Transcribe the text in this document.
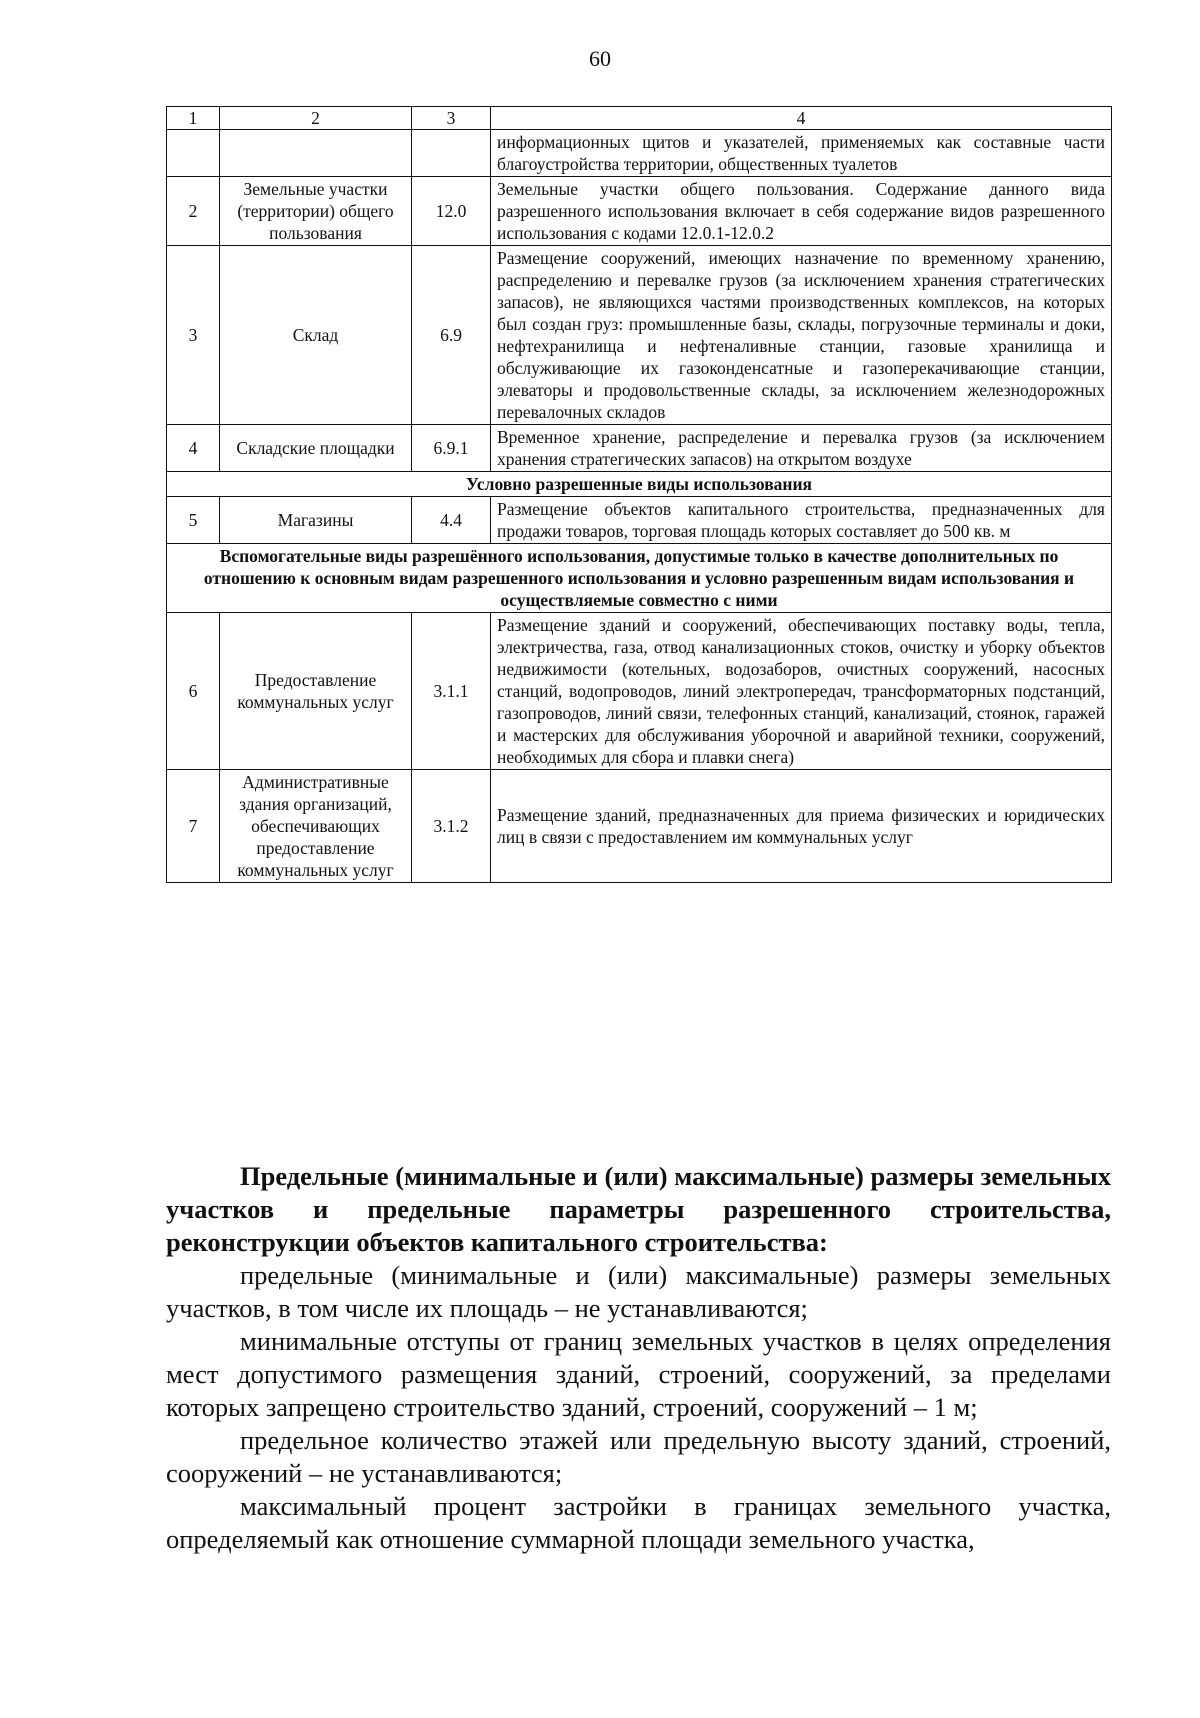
60
1	2	3	4
			информационных щитов и указателей, применяемых как составные части благоустройства территории, общественных туалетов
2	Земельные участки (территории) общего пользования	12.0	Земельные участки общего пользования. Содержание данного вида разрешенного использования включает в себя содержание видов разрешенного использования с кодами 12.0.1-12.0.2
3	Склад	6.9	Размещение сооружений, имеющих назначение по временному хранению, распределению и перевалке грузов (за исключением хранения стратегических запасов), не являющихся частями производственных комплексов, на которых был создан груз: промышленные базы, склады, погрузочные терминалы и доки, нефтехранилища и нефтеналивные станции, газовые хранилища и обслуживающие их газоконденсатные и газоперекачивающие станции, элеваторы и продовольственные склады, за исключением железнодорожных перевалочных складов
4	Складские площадки	6.9.1	Временное хранение, распределение и перевалка грузов (за исключением хранения стратегических запасов) на открытом воздухе
Условно разрешенные виды использования			
5	Магазины	4.4	Размещение объектов капитального строительства, предназначенных для продажи товаров, торговая площадь которых составляет до 500 кв. м
Вспомогательные виды разрешённого использования, допустимые только в качестве дополнительных по отношению к основным видам разрешенного использования и условно разрешенным видам использования и осуществляемые совместно с ними			
6	Предоставление коммунальных услуг	3.1.1	Размещение зданий и сооружений, обеспечивающих поставку воды, тепла, электричества, газа, отвод канализационных стоков, очистку и уборку объектов недвижимости (котельных, водозаборов, очистных сооружений, насосных станций, водопроводов, линий электропередач, трансформаторных подстанций, газопроводов, линий связи, телефонных станций, канализаций, стоянок, гаражей и мастерских для обслуживания уборочной и аварийной техники, сооружений, необходимых для сбора и плавки снега)
7	Административные здания организаций, обеспечивающих предоставление коммунальных услуг	3.1.2	Размещение зданий, предназначенных для приема физических и юридических лиц в связи с предоставлением им коммунальных услуг

Предельные (минимальные и (или) максимальные) размеры земельных участков и предельные параметры разрешенного строительства, реконструкции объектов капитального строительства:

предельные (минимальные и (или) максимальные) размеры земельных участков, в том числе их площадь – не устанавливаются;

минимальные отступы от границ земельных участков в целях определения мест допустимого размещения зданий, строений, сооружений, за пределами которых запрещено строительство зданий, строений, сооружений – 1 м;

предельное количество этажей или предельную высоту зданий, строений, сооружений – не устанавливаются;

максимальный процент застройки в границах земельного участка, определяемый как отношение суммарной площади земельного участка,
